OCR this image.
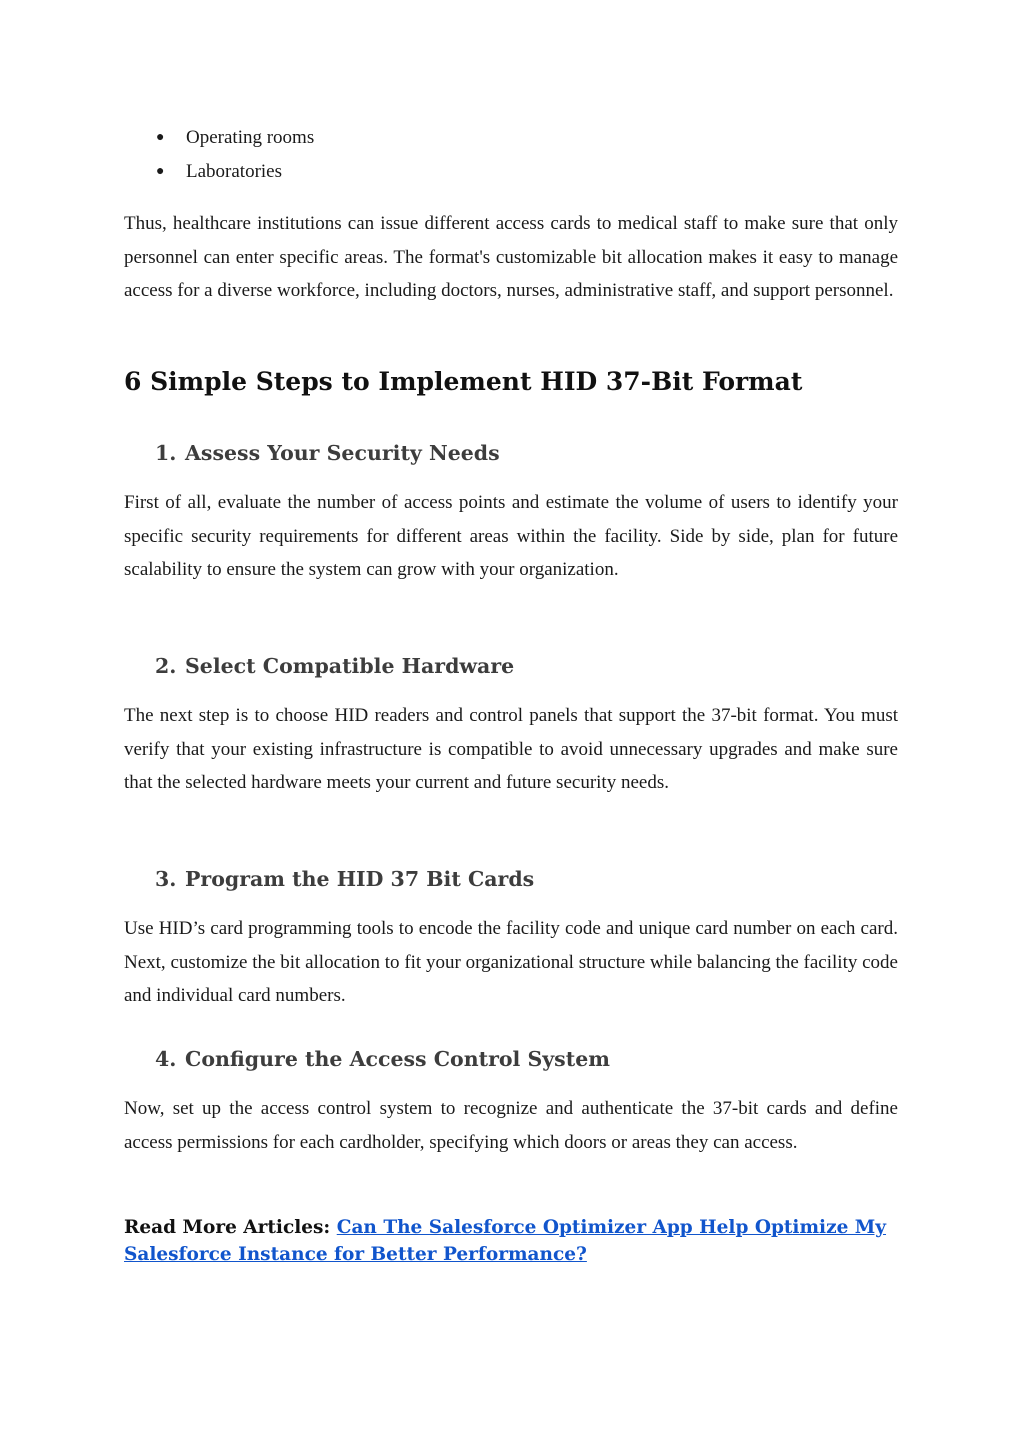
● Operating rooms
● Laboratories

Thus, healthcare institutions can issue different access cards to medical staff to make sure that only personnel can enter specific areas. The format's customizable bit allocation makes it easy to manage access for a diverse workforce, including doctors, nurses, administrative staff, and support personnel.

6 Simple Steps to Implement HID 37-Bit Format
1. Assess Your Security Needs

First of all, evaluate the number of access points and estimate the volume of users to identify your specific security requirements for different areas within the facility. Side by side, plan for future scalability to ensure the system can grow with your organization.

2. Select Compatible Hardware

The next step is to choose HID readers and control panels that support the 37-bit format. You must verify that your existing infrastructure is compatible to avoid unnecessary upgrades and make sure that the selected hardware meets your current and future security needs.

3. Program the HID 37 Bit Cards

Use HID’s card programming tools to encode the facility code and unique card number on each card. Next, customize the bit allocation to fit your organizational structure while balancing the facility code and individual card numbers.

4. Configure the Access Control System

Now, set up the access control system to recognize and authenticate the 37-bit cards and define access permissions for each cardholder, specifying which doors or areas they can access.

Read More Articles: Can The Salesforce Optimizer App Help Optimize My Salesforce Instance for Better Performance?
